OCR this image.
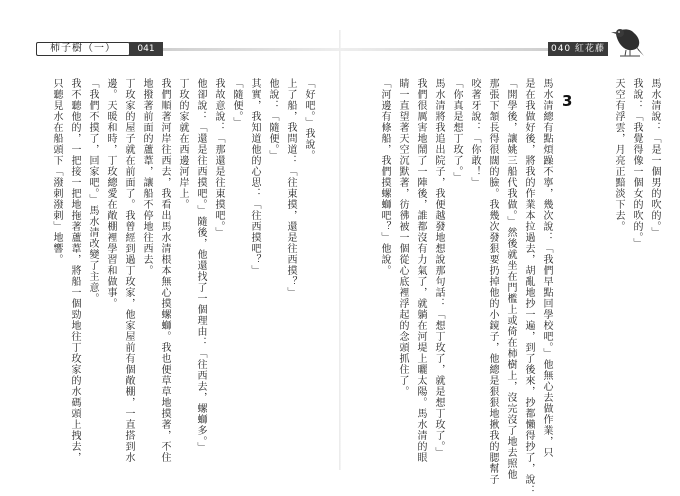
柿子樹（一）	041
「好吧。」我說。
上了船，我問道：「往東摸，還是往西摸？」
他說：「隨便。」
其實，我知道他的心思：「往西摸吧？」
「隨便。」
我故意說：「那還是往東摸吧。」
他卻說：「還是往西摸吧。」隨後，他還找了一個理由：「往西去，螺螄多。」
丁玫的家就在西邊河岸上。
我們順著河岸往西去，我看出馬水清根本無心摸螺螄。我也便草草地摸著，不住
地撥著前面的蘆葦，讓船不停地往西去。
丁玫家的屋子就在前面了。我曾經到過丁玫家，他家屋前有個敞棚，一直搭到水
邊。天暖和時，丁玫總愛在敞棚裡學習和做事。
「我們不摸了，回家吧。」馬水清改變了主意。
我不聽他的，一把接一把地拖著蘆葦，將船一個勁地往丁玫家的水碼頭上拽去，
只聽見水在船頭下「潑刺潑刺」地響。
040 紅花藤
馬水清說：「是一個男的吹的。」
我說：「我覺得像一個女的吹的。」
天空有浮雲，月亮正黯淡下去。
3
馬水清總有點煩躁不寧，幾次說：「我們早點回學校吧。」他無心去做作業，只
是在我做好後，將我的作業本拉過去，胡亂地抄一遍，到了後來，抄都懶得抄了，說：
「開學後，讓姚三船代我做。」然後就坐在門檻上或倚在柿樹上，沒完沒了地去照他
那張下頷長得很闊的臉。我幾次發狠要扔掉他的小鏡子，他總是狠狠地揪我的腮幫子
咬著牙說：「你敢！」
「你真是想丁玫了。」
馬水清將我追出院子，我便越發地想說那句話：「想丁玫了，就是想丁玫了。」
我們很厲害地鬧了一陣後，誰都沒有力氣了，就躺在河堤上曬太陽。馬水清的眼
睛一直望著天空沉默著，彷彿被一個從心底裡浮起的念頭抓住了。
「河邊有條船，我們摸螺螄吧？」他說。
